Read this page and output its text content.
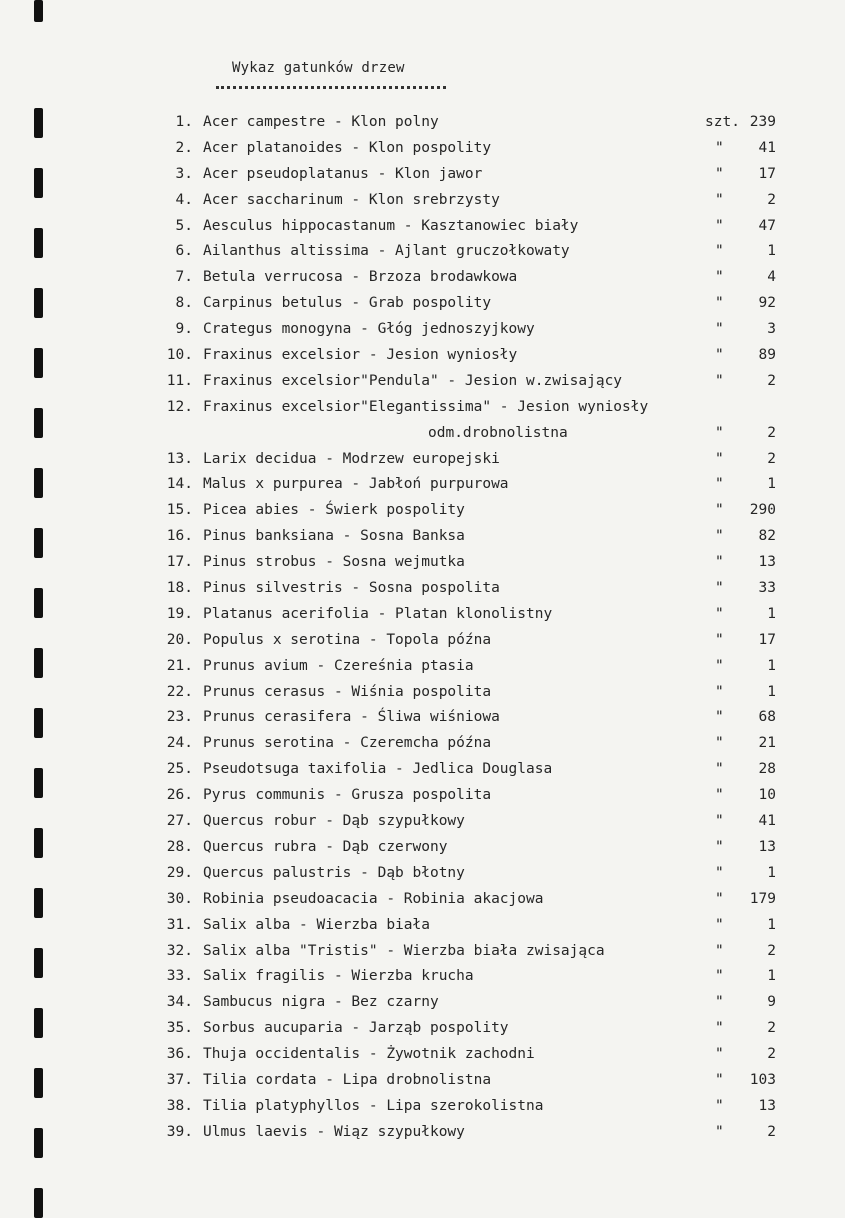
Wykaz gatunków drzew
1. Acer campestre - Klon polny	szt. 239
2. Acer platanoides - Klon pospolity	" 41
3. Acer pseudoplatanus - Klon jawor	" 17
4. Acer saccharinum - Klon srebrzysty	"	2
5. Aesculus hippocastanum - Kasztanowiec biały	" 47
6. Ailanthus altissima - Ajlant gruczołkowaty	"	1
7. Betula verrucosa - Brzoza brodawkowa	"	4
8. Carpinus betulus - Grab pospolity	" 92
9. Crategus monogyna - Głóg jednoszyjkowy	"	3
10. Fraxinus excelsior - Jesion wyniosły	" 89
11. Fraxinus excelsior"Pendula" - Jesion w.zwisający	"	2
12. Fraxinus excelsior"Elegantissima" - Jesion wyniosły
odm.drobnolistna	"	2
13. Larix decidua - Modrzew europejski	"	2
14. Malus x purpurea - Jabłoń purpurowa	"	1
15. Picea abies - Świerk pospolity	" 290
16. Pinus banksiana - Sosna Banksa	" 82
17. Pinus strobus - Sosna wejmutka	" 13
18. Pinus silvestris - Sosna pospolita	" 33
19. Platanus acerifolia - Platan klonolistny	"	1
20. Populus x serotina - Topola późna	" 17
21. Prunus avium - Czereśnia ptasia	"	1
22. Prunus cerasus - Wiśnia pospolita	"	1
23. Prunus cerasifera - Śliwa wiśniowa	" 68
24. Prunus serotina - Czeremcha późna	" 21
25. Pseudotsuga taxifolia - Jedlica Douglasa	" 28
26. Pyrus communis - Grusza pospolita	" 10
27. Quercus robur - Dąb szypułkowy	" 41
28. Quercus rubra - Dąb czerwony	" 13
29. Quercus palustris - Dąb błotny	"	1
30. Robinia pseudoacacia - Robinia akacjowa	" 179
31. Salix alba - Wierzba biała	"	1
32. Salix alba "Tristis" - Wierzba biała zwisająca	"	2
33. Salix fragilis - Wierzba krucha	"	1
34. Sambucus nigra - Bez czarny	"	9
35. Sorbus aucuparia - Jarząb pospolity	"	2
36. Thuja occidentalis - Żywotnik zachodni	"	2
37. Tilia cordata - Lipa drobnolistna	" 103
38. Tilia platyphyllos - Lipa szerokolistna	" 13
39. Ulmus laevis - Wiąz szypułkowy	"	2
